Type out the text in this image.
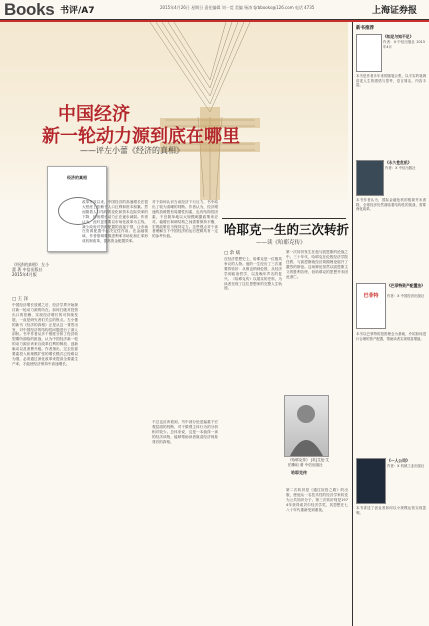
Books 书评/A7	2015年4月26日 星期日 责任编辑 刘一莞 美编 杨涛 tjrbbooks@126.com 电话 4735	上海证券报
中国经济
新一轮动力源到底在哪里
——评左小蕾《经济的真相》
经济的真相
《经济的真相》 左小蕾 著 中信出版社 2015年4月版
□ 王 泽
中国经济增长放缓之后，经济学界开始探讨新一轮动力源的所在。如何打破对投资出口的依赖，实现经济增长的可持续发展，一直是研究者们关注的焦点。左小蕾的新书《经济的真相》正是从这一背景出发，对中国经济的结构性问题进行了深入剖析。书中作者从多个维度分析了经济转型期所面临的挑战，认为中国经济新一轮的动力源应该来自改革红利的释放、创新驱动以及消费升级。作者指出，过去依靠要素投入和规模扩张的增长模式已经难以为继，必须通过深化改革来提高全要素生产率，才能使经济保持中高速增长。
改革开放以来，中国经济的高速增长在很大程度上依赖于人口红利和资本积累。然而随着人口结构的变化和资本边际效率的下降，传统增长动力正在逐步减弱。作者认为，此时更需要以市场化改革为主线，减少政府对资源配置的直接干预，让市场在资源配置中起决定性作用。在金融领域，作者强调要推进利率市场化和汇率形成机制改革，提高资金配置效率。
对于如何认识当前经济下行压力，书中给出了较为清晰的判断。作者认为，经济增速的放缓既有周期性因素，也有结构性因素，不宜简单地以大规模刺激政策来应对。稳增长和调结构之间需要保持平衡，宏观政策应当保持定力。这些观点对于读者理解当下中国经济的运行逻辑具有一定的参考价值。
不过也应该看到，书中部分论述偏重于宏观层面的判断，对于微观主体行为的分析相对较少。总体来说，这是一本值得一读的经济读物，能够帮助读者厘清经济现象背后的真相。
哈耶克一生的三次转折
——读《哈耶克传》
□ 余 斌
在经济思想史上，哈耶克是一位极具争议的人物。他的一生经历了三次重要的转折：从维也纳到伦敦，从经济学到政治哲学，以及晚年声名的复兴。《哈耶克传》以翔实的史料，为读者呈现了这位思想家的完整人生轨迹。
第一次转折发生在他与凯恩斯的论战之中。三十年代，哈耶克在伦敦经济学院任教，与凯恩斯就经济周期理论展开了激烈的辩论。这场辩论虽然以凯恩斯主义的胜利告终，但哈耶克的思想并未因此消亡。
第二次转折是《通往奴役之路》的出版，使他从一名技术性的经济学家转变为公共知识分子。第三次转折则是1974年获得诺贝尔经济学奖，其思想在七八十年代重新受到重视。
《哈耶克传》 [英]艾伦·艾伯斯坦 著 中信出版社
哈耶克传
新书推荐
《知足与知不足》
作者：X 中信出版社 2015年4月
本书是作者多年来的随笔合集，以平实的笔调讲述人生的感悟与思考，语言简洁，内容丰富。
《永久性危机》
作者：X 中信出版社
本书作者认为，国际金融危机的根源并未消除，全球经济仍然面临着结构性的挑战，需要深化改革。
巴菲特
《巴菲特资产配置法》
作者：X 中国经济出版社
本书以巴菲特的投资理念为基础，介绍如何进行合理的资产配置，帮助读者实现财富增值。
《一人公司》
作者：X 机械工业出版社
本书讲述了创业者如何以小规模运营实现盈利。
